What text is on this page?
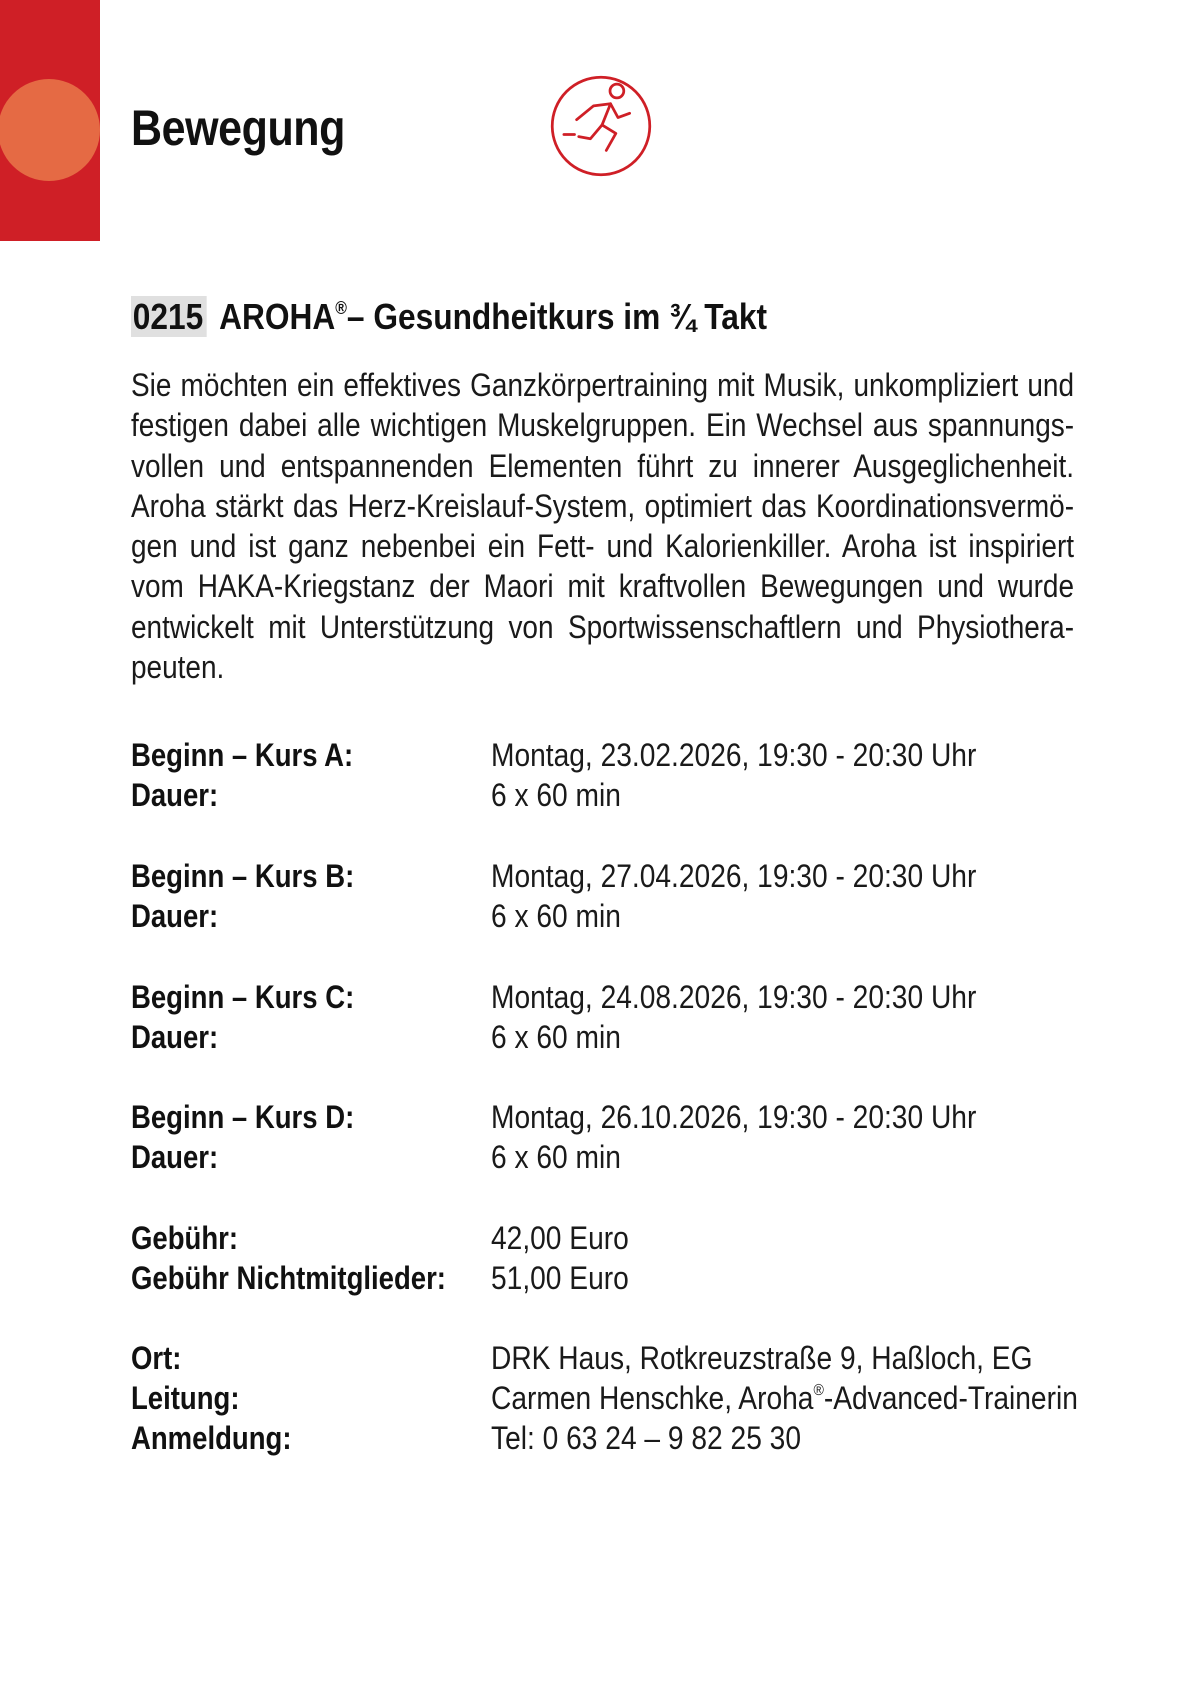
Bewegung
0215 AROHA®– Gesundheitkurs im ¾ Takt

Sie möchten ein effektives Ganzkörpertraining mit Musik, unkompliziert und festigen dabei alle wichtigen Muskelgruppen. Ein Wechsel aus spannungsvollen und entspannenden Elementen führt zu innerer Ausgeglichenheit. Aroha stärkt das Herz-Kreislauf-System, optimiert das Koordinationsvermögen und ist ganz nebenbei ein Fett- und Kalorienkiller. Aroha ist inspiriert vom HAKA-Kriegstanz der Maori mit kraftvollen Bewegungen und wurde entwickelt mit Unterstützung von Sportwissenschaftlern und Physiotherapeuten.

Beginn – Kurs A:	Montag, 23.02.2026, 19:30 - 20:30 Uhr
Dauer:	6 x 60 min
Beginn – Kurs B:	Montag, 27.04.2026, 19:30 - 20:30 Uhr
Dauer:	6 x 60 min
Beginn – Kurs C:	Montag, 24.08.2026, 19:30 - 20:30 Uhr
Dauer:	6 x 60 min
Beginn – Kurs D:	Montag, 26.10.2026, 19:30 - 20:30 Uhr
Dauer:	6 x 60 min
Gebühr:	42,00 Euro
Gebühr Nichtmitglieder: 51,00 Euro
Ort:	DRK Haus, Rotkreuzstraße 9, Haßloch, EG
Leitung:	Carmen Henschke, Aroha®-Advanced-Trainerin
Anmeldung:	Tel: 0 63 24 – 9 82 25 30
